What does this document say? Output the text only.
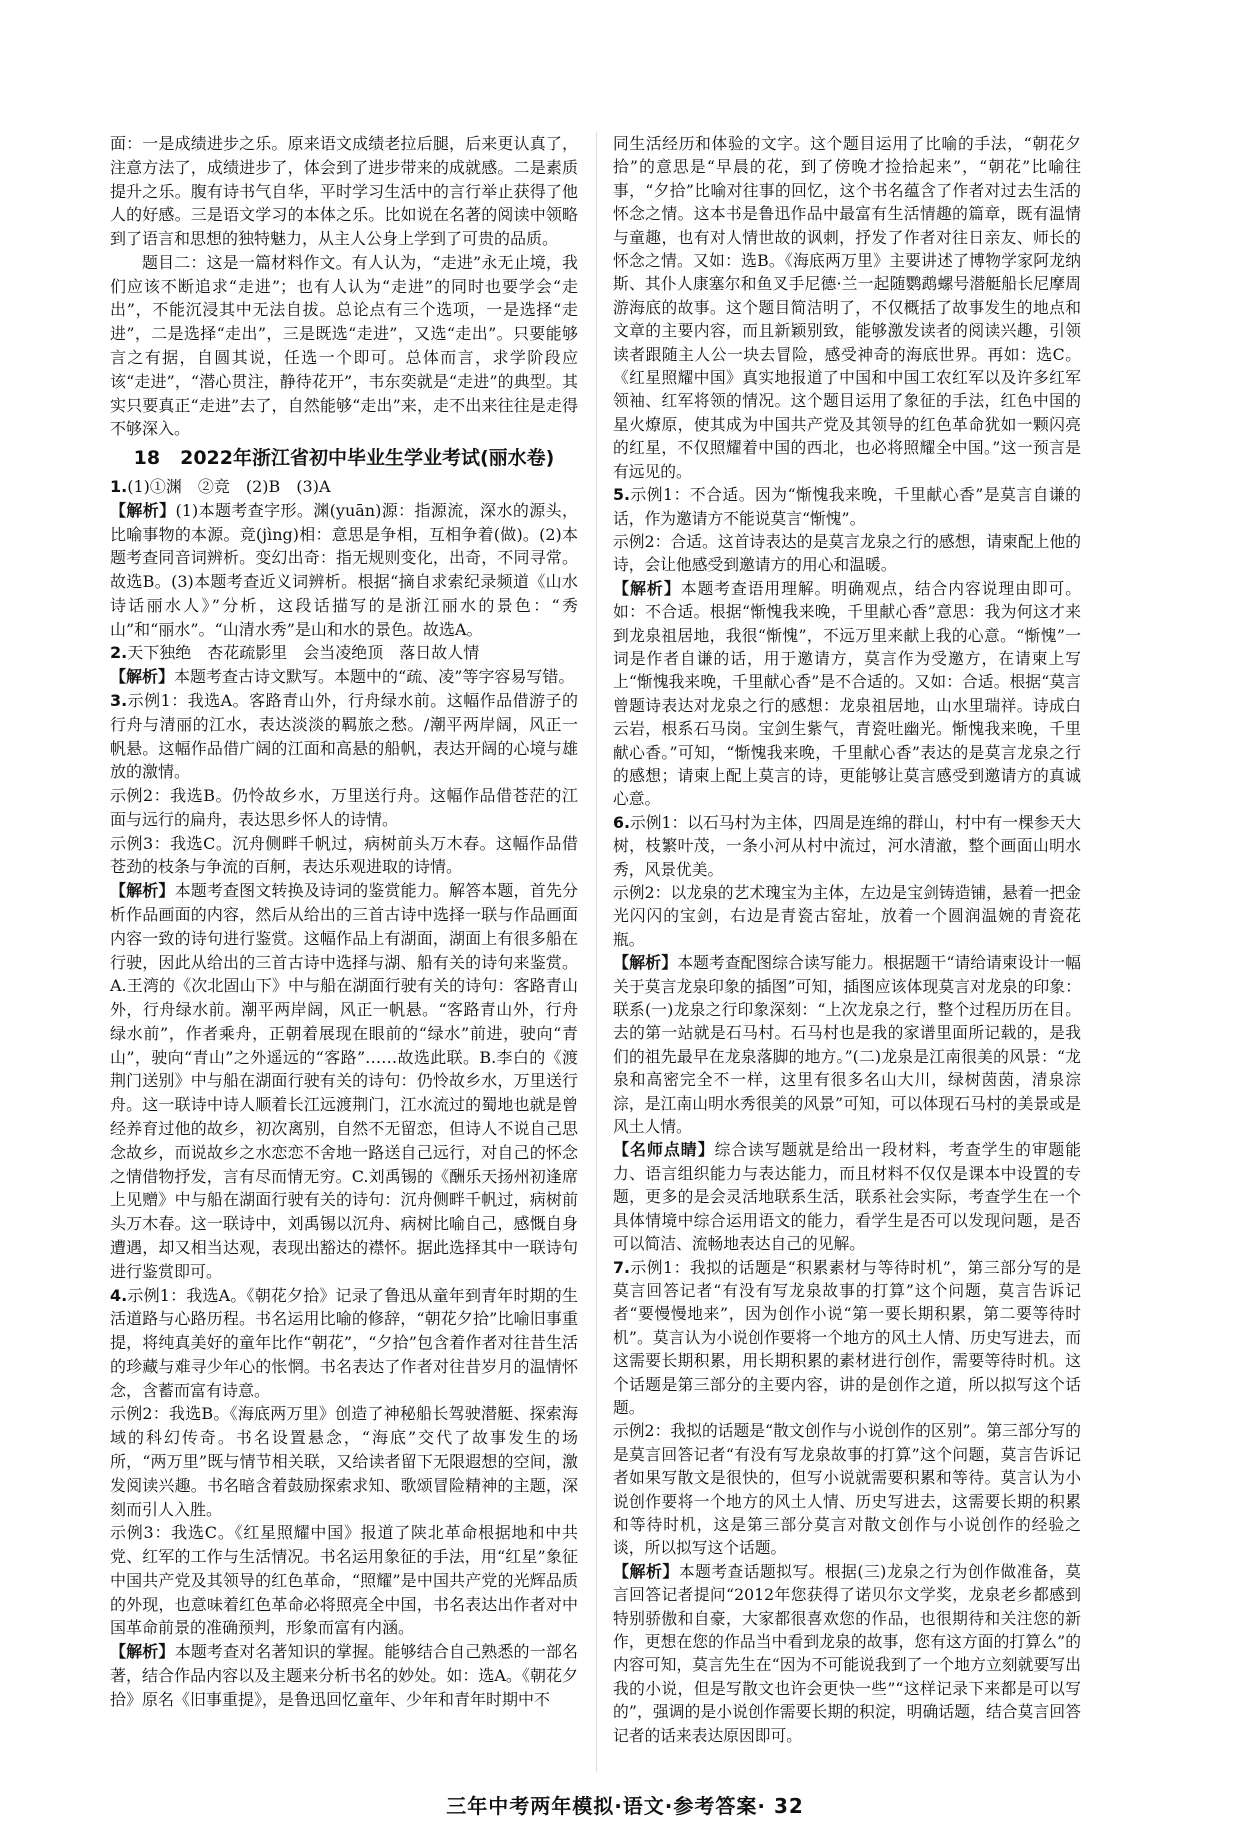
面：一是成绩进步之乐。原来语文成绩老拉后腿，后来更认真了，注意方法了，成绩进步了，体会到了进步带来的成就感。二是素质提升之乐。腹有诗书气自华，平时学习生活中的言行举止获得了他人的好感。三是语文学习的本体之乐。比如说在名著的阅读中领略到了语言和思想的独特魅力，从主人公身上学到了可贵的品质。

题目二：这是一篇材料作文。有人认为，“走进”永无止境，我们应该不断追求“走进”；也有人认为“走进”的同时也要学会“走出”，不能沉浸其中无法自拔。总论点有三个选项，一是选择“走进”，二是选择“走出”，三是既选“走进”，又选“走出”。只要能够言之有据，自圆其说，任选一个即可。总体而言，求学阶段应该“走进”，“潜心贯注，静待花开”，韦东奕就是“走进”的典型。其实只要真正“走进”去了，自然能够“走出”来，走不出来往往是走得不够深入。

18 2022年浙江省初中毕业生学业考试(丽水卷)

1.(1)①渊　②竞　(2)B　(3)A

【解析】(1)本题考查字形。渊(yuān)源：指源流，深水的源头，比喻事物的本源。竞(jìng)相：意思是争相，互相争着(做)。(2)本题考查同音词辨析。变幻出奇：指无规则变化，出奇，不同寻常。故选B。(3)本题考查近义词辨析。根据“摘自求索纪录频道《山水诗话丽水人》”分析，这段话描写的是浙江丽水的景色：“秀山”和“丽水”。“山清水秀”是山和水的景色。故选A。

2.天下独绝　杏花疏影里　会当凌绝顶　落日故人情

【解析】本题考查古诗文默写。本题中的“疏、凌”等字容易写错。

3.示例1：我选A。客路青山外，行舟绿水前。这幅作品借游子的行舟与清丽的江水，表达淡淡的羁旅之愁。/潮平两岸阔，风正一帆悬。这幅作品借广阔的江面和高悬的船帆，表达开阔的心境与雄放的激情。

示例2：我选B。仍怜故乡水，万里送行舟。这幅作品借苍茫的江面与远行的扁舟，表达思乡怀人的诗情。

示例3：我选C。沉舟侧畔千帆过，病树前头万木春。这幅作品借苍劲的枝条与争流的百舸，表达乐观进取的诗情。

【解析】本题考查图文转换及诗词的鉴赏能力。解答本题，首先分析作品画面的内容，然后从给出的三首古诗中选择一联与作品画面内容一致的诗句进行鉴赏。这幅作品上有湖面，湖面上有很多船在行驶，因此从给出的三首古诗中选择与湖、船有关的诗句来鉴赏。A.王湾的《次北固山下》中与船在湖面行驶有关的诗句：客路青山外，行舟绿水前。潮平两岸阔，风正一帆悬。“客路青山外，行舟绿水前”，作者乘舟，正朝着展现在眼前的“绿水”前进，驶向“青山”，驶向“青山”之外遥远的“客路”……故选此联。B.李白的《渡荆门送别》中与船在湖面行驶有关的诗句：仍怜故乡水，万里送行舟。这一联诗中诗人顺着长江远渡荆门，江水流过的蜀地也就是曾经养育过他的故乡，初次离别，自然不无留恋，但诗人不说自己思念故乡，而说故乡之水恋恋不舍地一路送自己远行，对自己的怀念之情借物抒发，言有尽而情无穷。C.刘禹锡的《酬乐天扬州初逢席上见赠》中与船在湖面行驶有关的诗句：沉舟侧畔千帆过，病树前头万木春。这一联诗中，刘禹锡以沉舟、病树比喻自己，感慨自身遭遇，却又相当达观，表现出豁达的襟怀。据此选择其中一联诗句进行鉴赏即可。

4.示例1：我选A。《朝花夕拾》记录了鲁迅从童年到青年时期的生活道路与心路历程。书名运用比喻的修辞，“朝花夕拾”比喻旧事重提，将纯真美好的童年比作“朝花”，“夕拾”包含着作者对往昔生活的珍藏与难寻少年心的怅惘。书名表达了作者对往昔岁月的温情怀念，含蓄而富有诗意。

示例2：我选B。《海底两万里》创造了神秘船长驾驶潜艇、探索海域的科幻传奇。书名设置悬念，“海底”交代了故事发生的场所，“两万里”既与情节相关联，又给读者留下无限遐想的空间，激发阅读兴趣。书名暗含着鼓励探索求知、歌颂冒险精神的主题，深刻而引人入胜。

示例3：我选C。《红星照耀中国》报道了陕北革命根据地和中共党、红军的工作与生活情况。书名运用象征的手法，用“红星”象征中国共产党及其领导的红色革命，“照耀”是中国共产党的光辉品质的外现，也意味着红色革命必将照亮全中国，书名表达出作者对中国革命前景的准确预判，形象而富有内涵。

【解析】本题考查对名著知识的掌握。能够结合自己熟悉的一部名著，结合作品内容以及主题来分析书名的妙处。如：选A。《朝花夕拾》原名《旧事重提》，是鲁迅回忆童年、少年和青年时期中不

同生活经历和体验的文字。这个题目运用了比喻的手法，“朝花夕拾”的意思是“早晨的花，到了傍晚才捡拾起来”，“朝花”比喻往事，“夕拾”比喻对往事的回忆，这个书名蕴含了作者对过去生活的怀念之情。这本书是鲁迅作品中最富有生活情趣的篇章，既有温情与童趣，也有对人情世故的讽刺，抒发了作者对往日亲友、师长的怀念之情。又如：选B。《海底两万里》主要讲述了博物学家阿龙纳斯、其仆人康塞尔和鱼叉手尼德·兰一起随鹦鹉螺号潜艇船长尼摩周游海底的故事。这个题目简洁明了，不仅概括了故事发生的地点和文章的主要内容，而且新颖别致，能够激发读者的阅读兴趣，引领读者跟随主人公一块去冒险，感受神奇的海底世界。再如：选C。《红星照耀中国》真实地报道了中国和中国工农红军以及许多红军领袖、红军将领的情况。这个题目运用了象征的手法，红色中国的星火燎原，使其成为中国共产党及其领导的红色革命犹如一颗闪亮的红星，不仅照耀着中国的西北，也必将照耀全中国。”这一预言是有远见的。

5.示例1：不合适。因为“惭愧我来晚，千里献心香”是莫言自谦的话，作为邀请方不能说莫言“惭愧”。

示例2：合适。这首诗表达的是莫言龙泉之行的感想，请柬配上他的诗，会让他感受到邀请方的用心和温暖。

【解析】本题考查语用理解。明确观点，结合内容说理由即可。如：不合适。根据“惭愧我来晚，千里献心香”意思：我为何这才来到龙泉祖居地，我很“惭愧”，不远万里来献上我的心意。“惭愧”一词是作者自谦的话，用于邀请方，莫言作为受邀方，在请柬上写上“惭愧我来晚，千里献心香”是不合适的。又如：合适。根据“莫言曾题诗表达对龙泉之行的感想：龙泉祖居地，山水里瑞祥。诗成白云岩，根系石马岗。宝剑生紫气，青瓷吐幽光。惭愧我来晚，千里献心香。”可知，“惭愧我来晚，千里献心香”表达的是莫言龙泉之行的感想；请柬上配上莫言的诗，更能够让莫言感受到邀请方的真诚心意。

6.示例1：以石马村为主体，四周是连绵的群山，村中有一棵参天大树，枝繁叶茂，一条小河从村中流过，河水清澈，整个画面山明水秀，风景优美。

示例2：以龙泉的艺术瑰宝为主体，左边是宝剑铸造铺，悬着一把金光闪闪的宝剑，右边是青瓷古窑址，放着一个圆润温婉的青瓷花瓶。

【解析】本题考查配图综合读写能力。根据题干“请给请柬设计一幅关于莫言龙泉印象的插图”可知，插图应该体现莫言对龙泉的印象：联系(一)龙泉之行印象深刻：“上次龙泉之行，整个过程历历在目。去的第一站就是石马村。石马村也是我的家谱里面所记载的，是我们的祖先最早在龙泉落脚的地方。”(二)龙泉是江南很美的风景：“龙泉和高密完全不一样，这里有很多名山大川，绿树茵茵，清泉淙淙，是江南山明水秀很美的风景”可知，可以体现石马村的美景或是风土人情。

【名师点睛】综合读写题就是给出一段材料，考查学生的审题能力、语言组织能力与表达能力，而且材料不仅仅是课本中设置的专题，更多的是会灵活地联系生活，联系社会实际，考查学生在一个具体情境中综合运用语文的能力，看学生是否可以发现问题，是否可以简洁、流畅地表达自己的见解。

7.示例1：我拟的话题是“积累素材与等待时机”，第三部分写的是莫言回答记者“有没有写龙泉故事的打算”这个问题，莫言告诉记者“要慢慢地来”，因为创作小说“第一要长期积累，第二要等待时机”。莫言认为小说创作要将一个地方的风土人情、历史写进去，而这需要长期积累，用长期积累的素材进行创作，需要等待时机。这个话题是第三部分的主要内容，讲的是创作之道，所以拟写这个话题。

示例2：我拟的话题是“散文创作与小说创作的区别”。第三部分写的是莫言回答记者“有没有写龙泉故事的打算”这个问题，莫言告诉记者如果写散文是很快的，但写小说就需要积累和等待。莫言认为小说创作要将一个地方的风土人情、历史写进去，这需要长期的积累和等待时机，这是第三部分莫言对散文创作与小说创作的经验之谈，所以拟写这个话题。

【解析】本题考查话题拟写。根据(三)龙泉之行为创作做准备，莫言回答记者提问“2012年您获得了诺贝尔文学奖，龙泉老乡都感到特别骄傲和自豪，大家都很喜欢您的作品，也很期待和关注您的新作，更想在您的作品当中看到龙泉的故事，您有这方面的打算么”的内容可知，莫言先生在“因为不可能说我到了一个地方立刻就要写出我的小说，但是写散文也许会更快一些”“这样记录下来都是可以写的”，强调的是小说创作需要长期的积淀，明确话题，结合莫言回答记者的话来表达原因即可。

三年中考两年模拟·语文·参考答案· 32
